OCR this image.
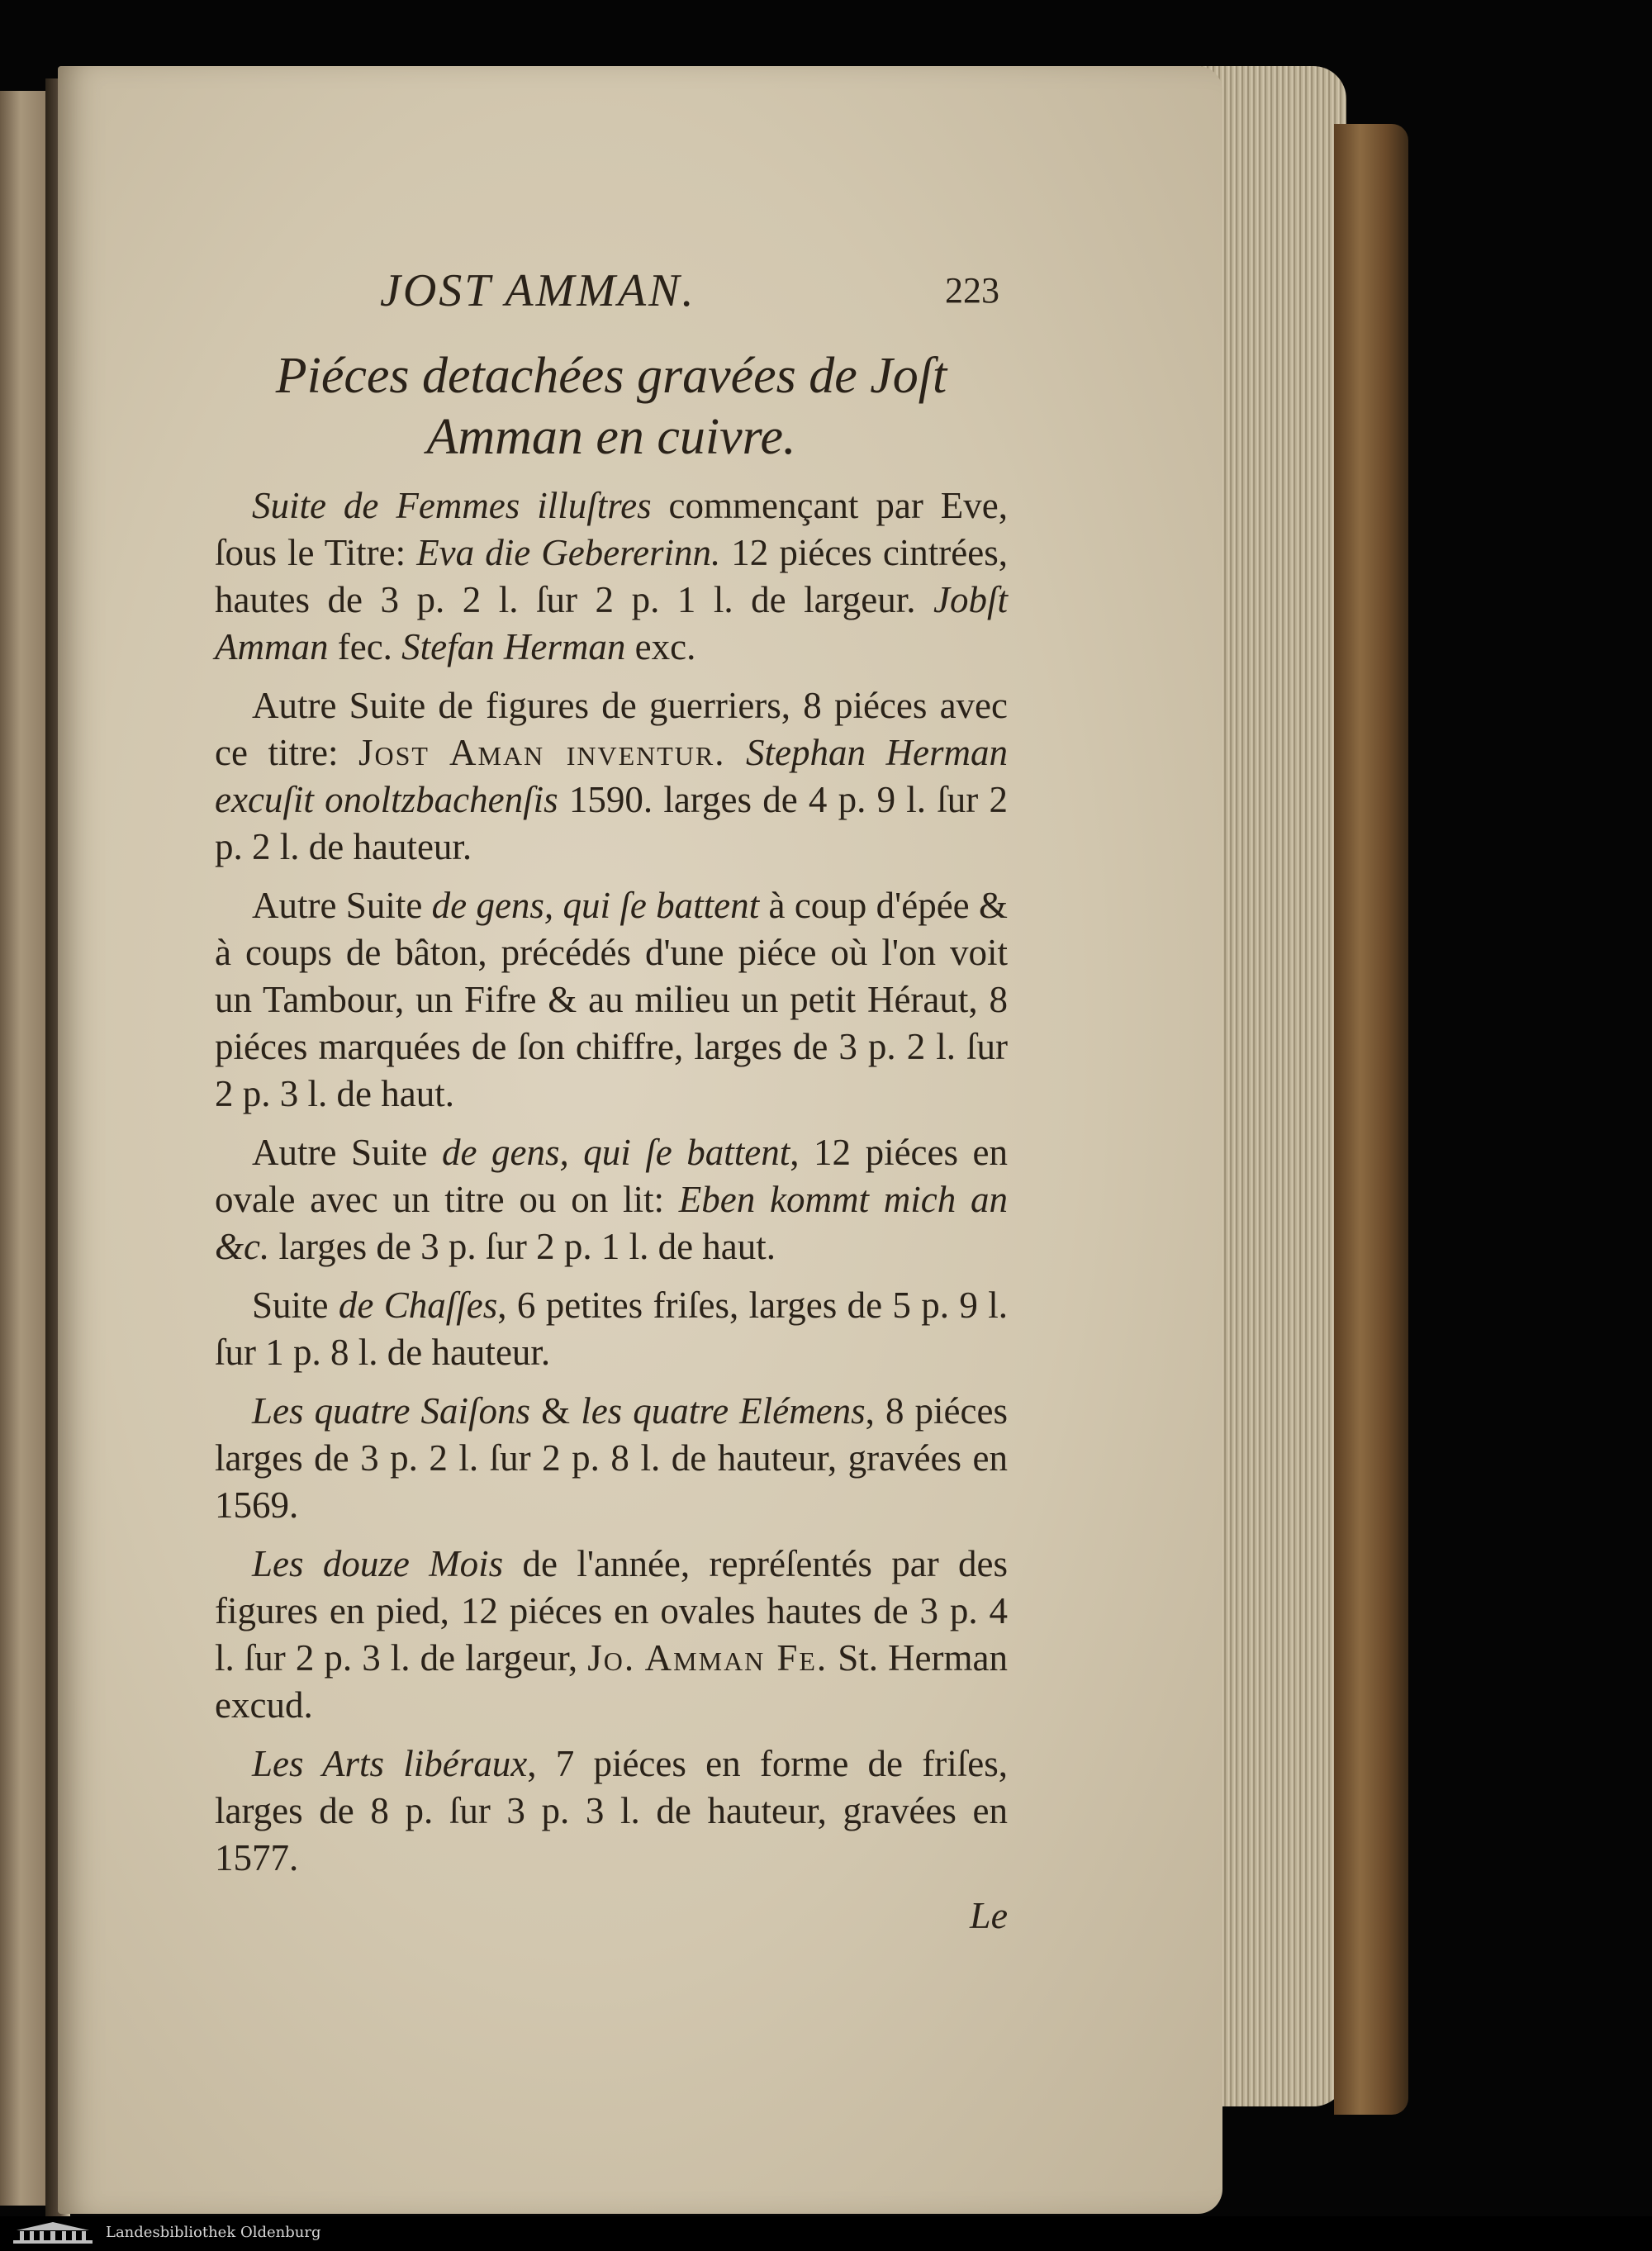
JOST AMMAN.	223
Piéces detachées gravées de Joſt
Amman en cuivre.

Suite de Femmes illuſtres commençant par Eve, ſous le Titre: Eva die Gebererinn. 12 piéces cintrées, hautes de 3 p. 2 l. ſur 2 p. 1 l. de largeur. Jobſt Amman fec. Stefan Herman exc.

Autre Suite de figures de guerriers, 8 piéces avec ce titre: Jost Aman inventur. Stephan Herman excuſit onoltzbachenſis 1590. larges de 4 p. 9 l. ſur 2 p. 2 l. de hauteur.

Autre Suite de gens, qui ſe battent à coup d'épée & à coups de bâton, précédés d'une piéce où l'on voit un Tambour, un Fifre & au milieu un petit Héraut, 8 piéces marquées de ſon chiffre, larges de 3 p. 2 l. ſur 2 p. 3 l. de haut.

Autre Suite de gens, qui ſe battent, 12 piéces en ovale avec un titre ou on lit: Eben kommt mich an &c. larges de 3 p. ſur 2 p. 1 l. de haut.

Suite de Chaſſes, 6 petites friſes, larges de 5 p. 9 l. ſur 1 p. 8 l. de hauteur.

Les quatre Saiſons & les quatre Elémens, 8 piéces larges de 3 p. 2 l. ſur 2 p. 8 l. de hauteur, gravées en 1569.

Les douze Mois de l'année, repréſentés par des figures en pied, 12 piéces en ovales hautes de 3 p. 4 l. ſur 2 p. 3 l. de largeur, Jo. Amman Fe. St. Herman excud.

Les Arts libéraux, 7 piéces en forme de friſes, larges de 8 p. ſur 3 p. 3 l. de hauteur, gravées en 1577.

Le
Landesbibliothek Oldenburg
